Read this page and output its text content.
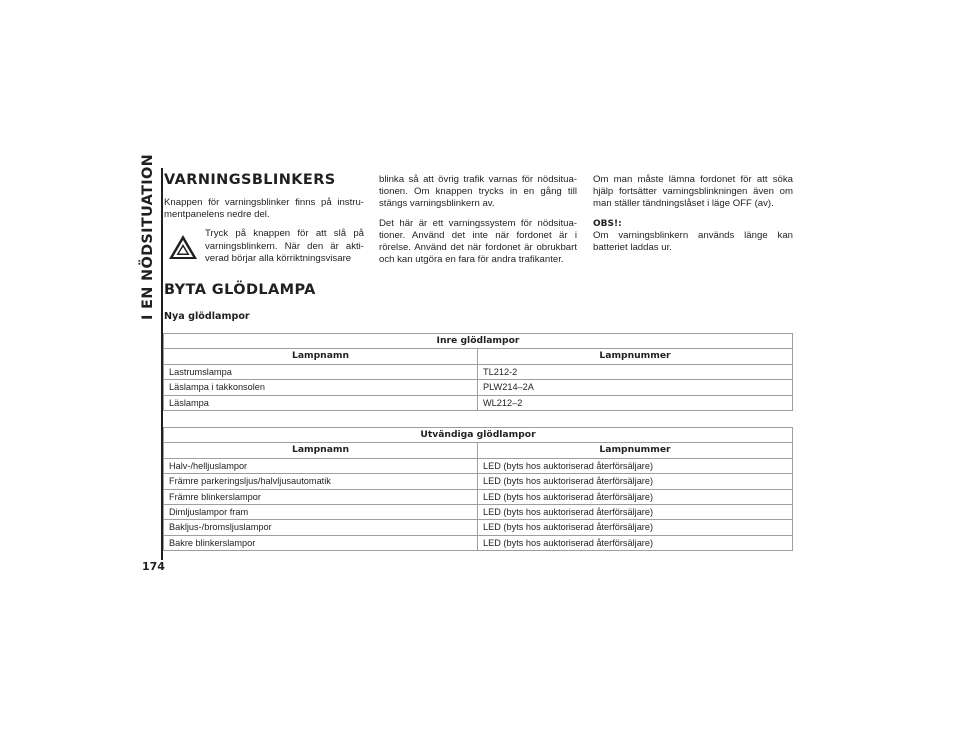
I EN NÖDSITUATION
174
VARNINGSBLINKERS

Knappen för varningsblinker finns på instru-mentpanelens nedre del.

Tryck på knappen för att slå på varningsblinkern. När den är akti-verad börjar alla körriktningsvisare

blinka så att övrig trafik varnas för nödsitua-tionen. Om knappen trycks in en gång till stängs varningsblinkern av.

Det här är ett varningssystem för nödsitua-tioner. Använd det inte när fordonet är i rörelse. Använd det när fordonet är obrukbart och kan utgöra en fara för andra trafikanter.

Om man måste lämna fordonet för att söka hjälp fortsätter varningsblinkningen även om man ställer tändningslåset i läge OFF (av).

OBS!:

Om varningsblinkern används länge kan batteriet laddas ur.

BYTA GLÖDLAMPA
Nya glödlampor
Inre glödlampor	
Lampnamn	Lampnummer
Lastrumslampa	TL212-2
Läslampa i takkonsolen	PLW214–2A
Läslampa	WL212–2
Utvändiga glödlampor	
Lampnamn	Lampnummer
Halv-/helljuslampor	LED (byts hos auktoriserad återförsäljare)
Främre parkeringsljus/halvljusautomatik	LED (byts hos auktoriserad återförsäljare)
Främre blinkerslampor	LED (byts hos auktoriserad återförsäljare)
Dimljuslampor fram	LED (byts hos auktoriserad återförsäljare)
Bakljus-/bromsljuslampor	LED (byts hos auktoriserad återförsäljare)
Bakre blinkerslampor	LED (byts hos auktoriserad återförsäljare)
